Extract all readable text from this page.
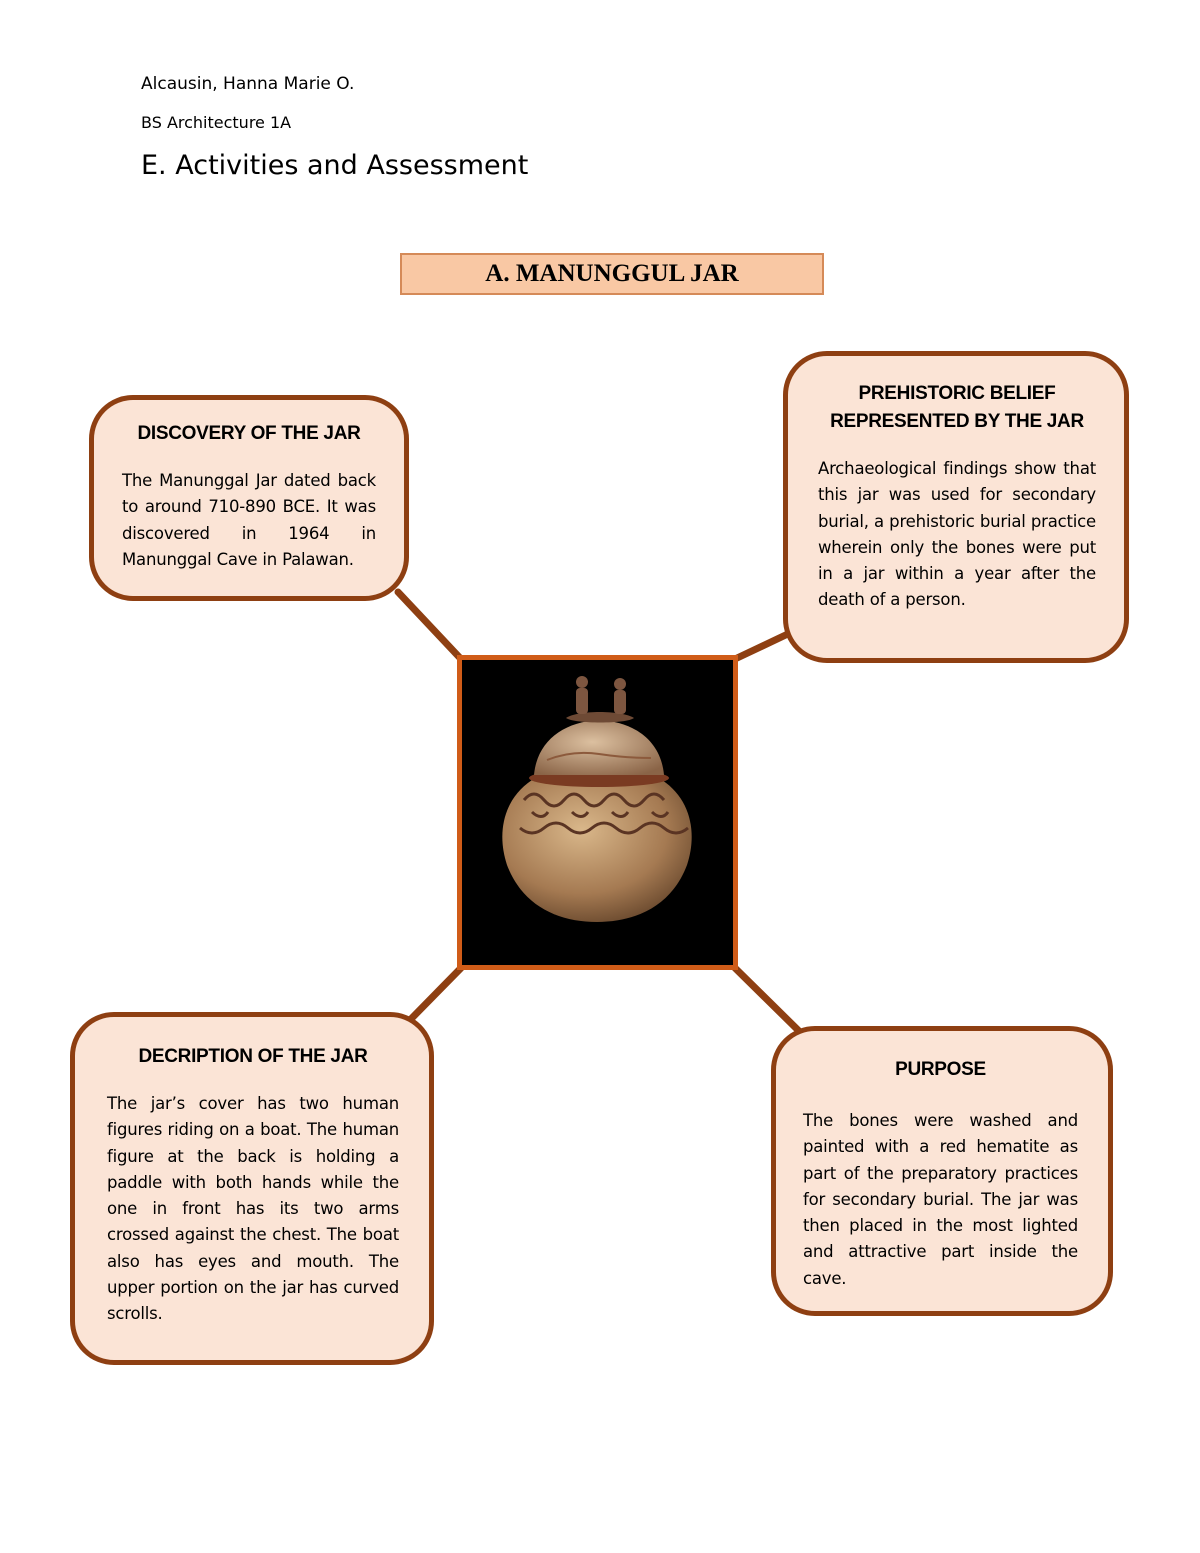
Alcausin, Hanna Marie O.
BS Architecture 1A
E. Activities and Assessment
A. MANUNGGUL JAR
DISCOVERY OF THE JAR

The Manunggal Jar dated back to around 710-890 BCE. It was discovered in 1964 in Manunggal Cave in Palawan.

PREHISTORIC BELIEF REPRESENTED BY THE JAR

Archaeological findings show that this jar was used for secondary burial, a prehistoric burial practice wherein only the bones were put in a jar within a year after the death of a person.

DECRIPTION OF THE JAR

The jar’s cover has two human figures riding on a boat. The human figure at the back is holding a paddle with both hands while the one in front has its two arms crossed against the chest. The boat also has eyes and mouth. The upper portion on the jar has curved scrolls.

PURPOSE

The bones were washed and painted with a red hematite as part of the preparatory practices for secondary burial. The jar was then placed in the most lighted and attractive part inside the cave.
